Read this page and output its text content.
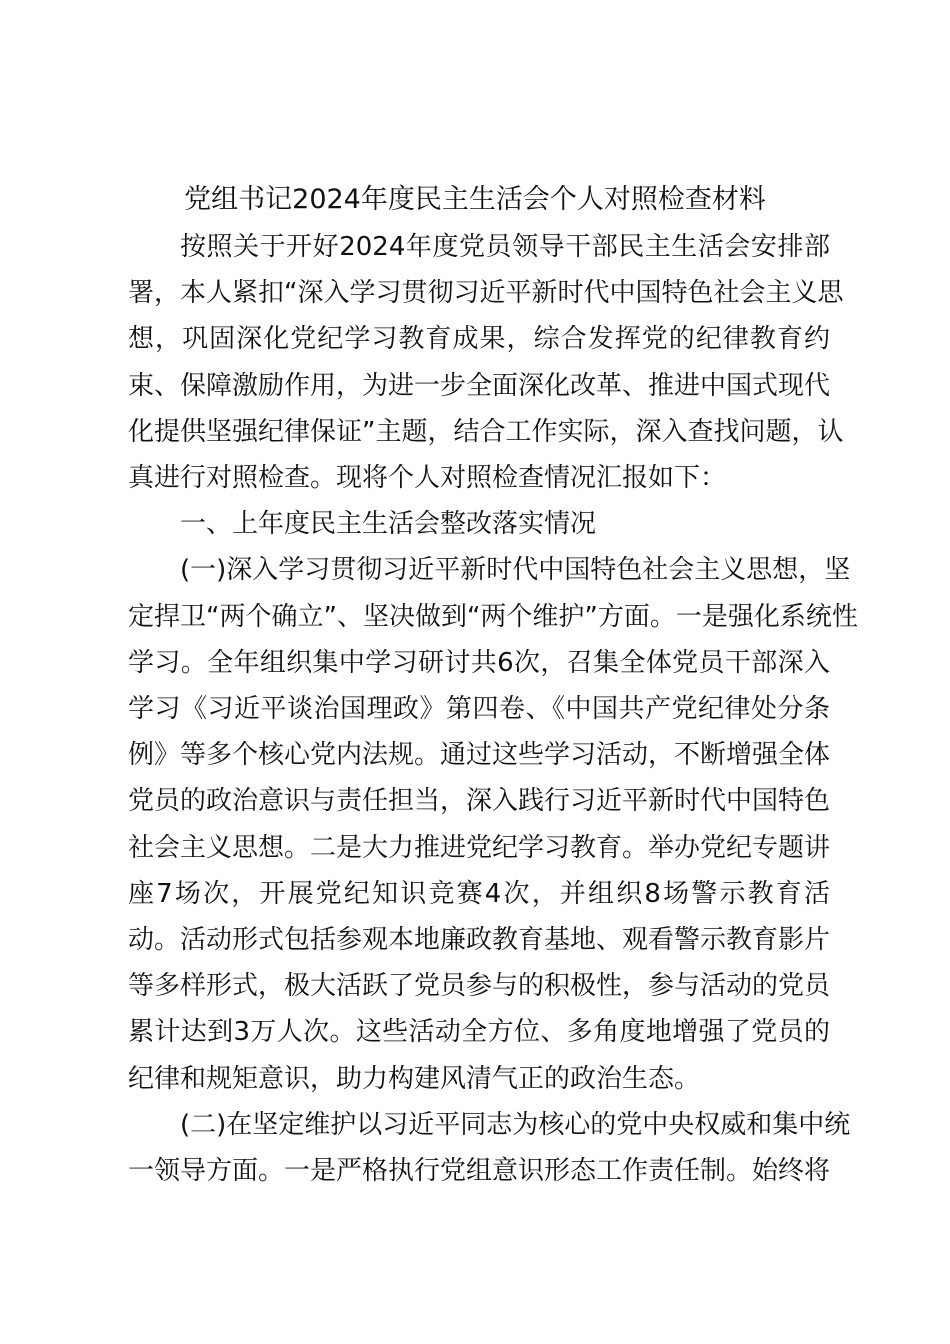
党组书记2024年度民主生活会个人对照检查材料

按照关于开好2024年度党员领导干部民主生活会安排部
署，本人紧扣“深入学习贯彻习近平新时代中国特色社会主义思
想，巩固深化党纪学习教育成果，综合发挥党的纪律教育约
束、保障激励作用，为进一步全面深化改革、推进中国式现代
化提供坚强纪律保证”主题，结合工作实际，深入查找问题，认
真进行对照检查。现将个人对照检查情况汇报如下：

一、上年度民主生活会整改落实情况

(一)深入学习贯彻习近平新时代中国特色社会主义思想，坚
定捍卫“两个确立”、坚决做到“两个维护”方面。一是强化系统性
学习。全年组织集中学习研讨共6次，召集全体党员干部深入
学习《习近平谈治国理政》第四卷、《中国共产党纪律处分条
例》等多个核心党内法规。通过这些学习活动，不断增强全体
党员的政治意识与责任担当，深入践行习近平新时代中国特色
社会主义思想。二是大力推进党纪学习教育。举办党纪专题讲
座7场次，开展党纪知识竞赛4次，并组织8场警示教育活
动。活动形式包括参观本地廉政教育基地、观看警示教育影片
等多样形式，极大活跃了党员参与的积极性，参与活动的党员
累计达到3万人次。这些活动全方位、多角度地增强了党员的
纪律和规矩意识，助力构建风清气正的政治生态。

(二)在坚定维护以习近平同志为核心的党中央权威和集中统
一领导方面。一是严格执行党组意识形态工作责任制。始终将
